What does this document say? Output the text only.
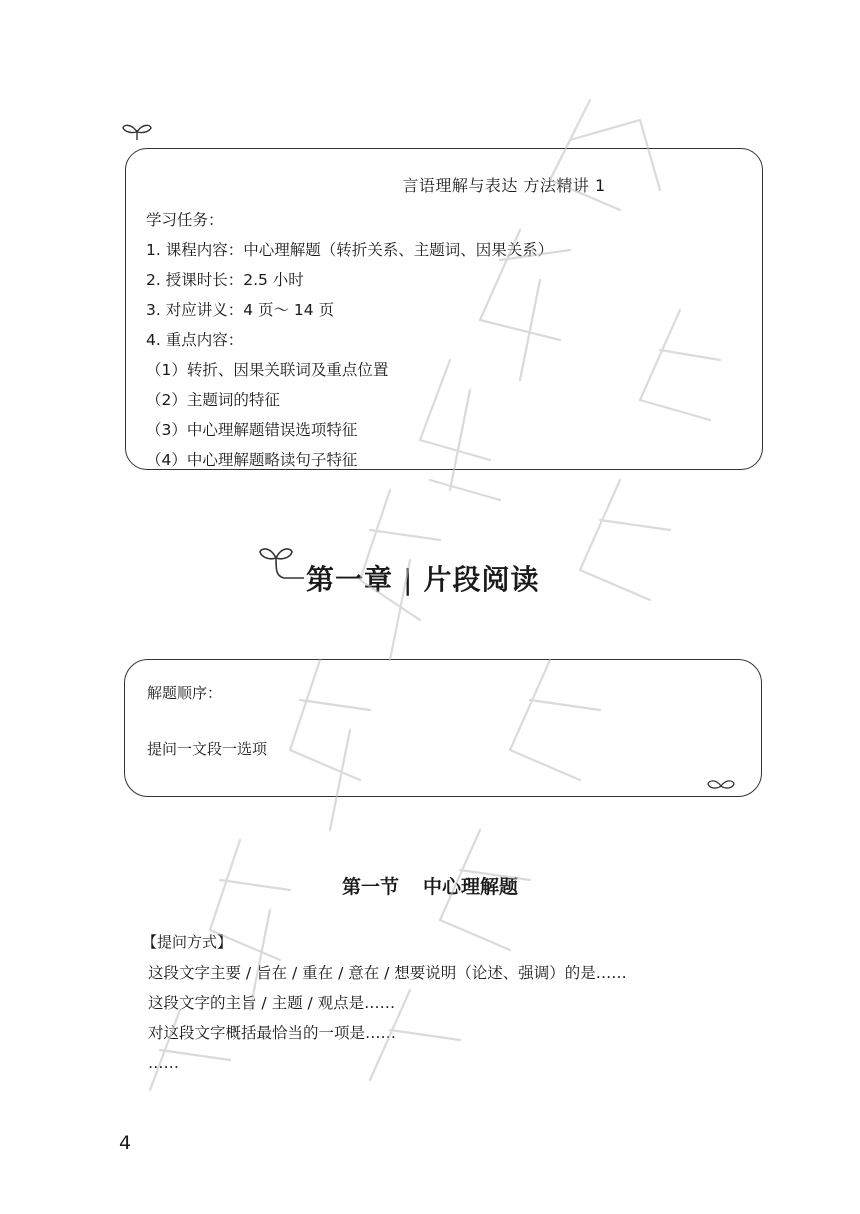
言语理解与表达 方法精讲 1
学习任务：
1. 课程内容：中心理解题（转折关系、主题词、因果关系）
2. 授课时长：2.5 小时
3. 对应讲义：4 页～ 14 页
4. 重点内容：
（1）转折、因果关联词及重点位置
（2）主题词的特征
（3）中心理解题错误选项特征
（4）中心理解题略读句子特征
第一章 | 片段阅读
解题顺序：
提问一文段一选项
第一节 中心理解题
【提问方式】
这段文字主要 / 旨在 / 重在 / 意在 / 想要说明（论述、强调）的是……
这段文字的主旨 / 主题 / 观点是……
对这段文字概括最恰当的一项是……
……
4
